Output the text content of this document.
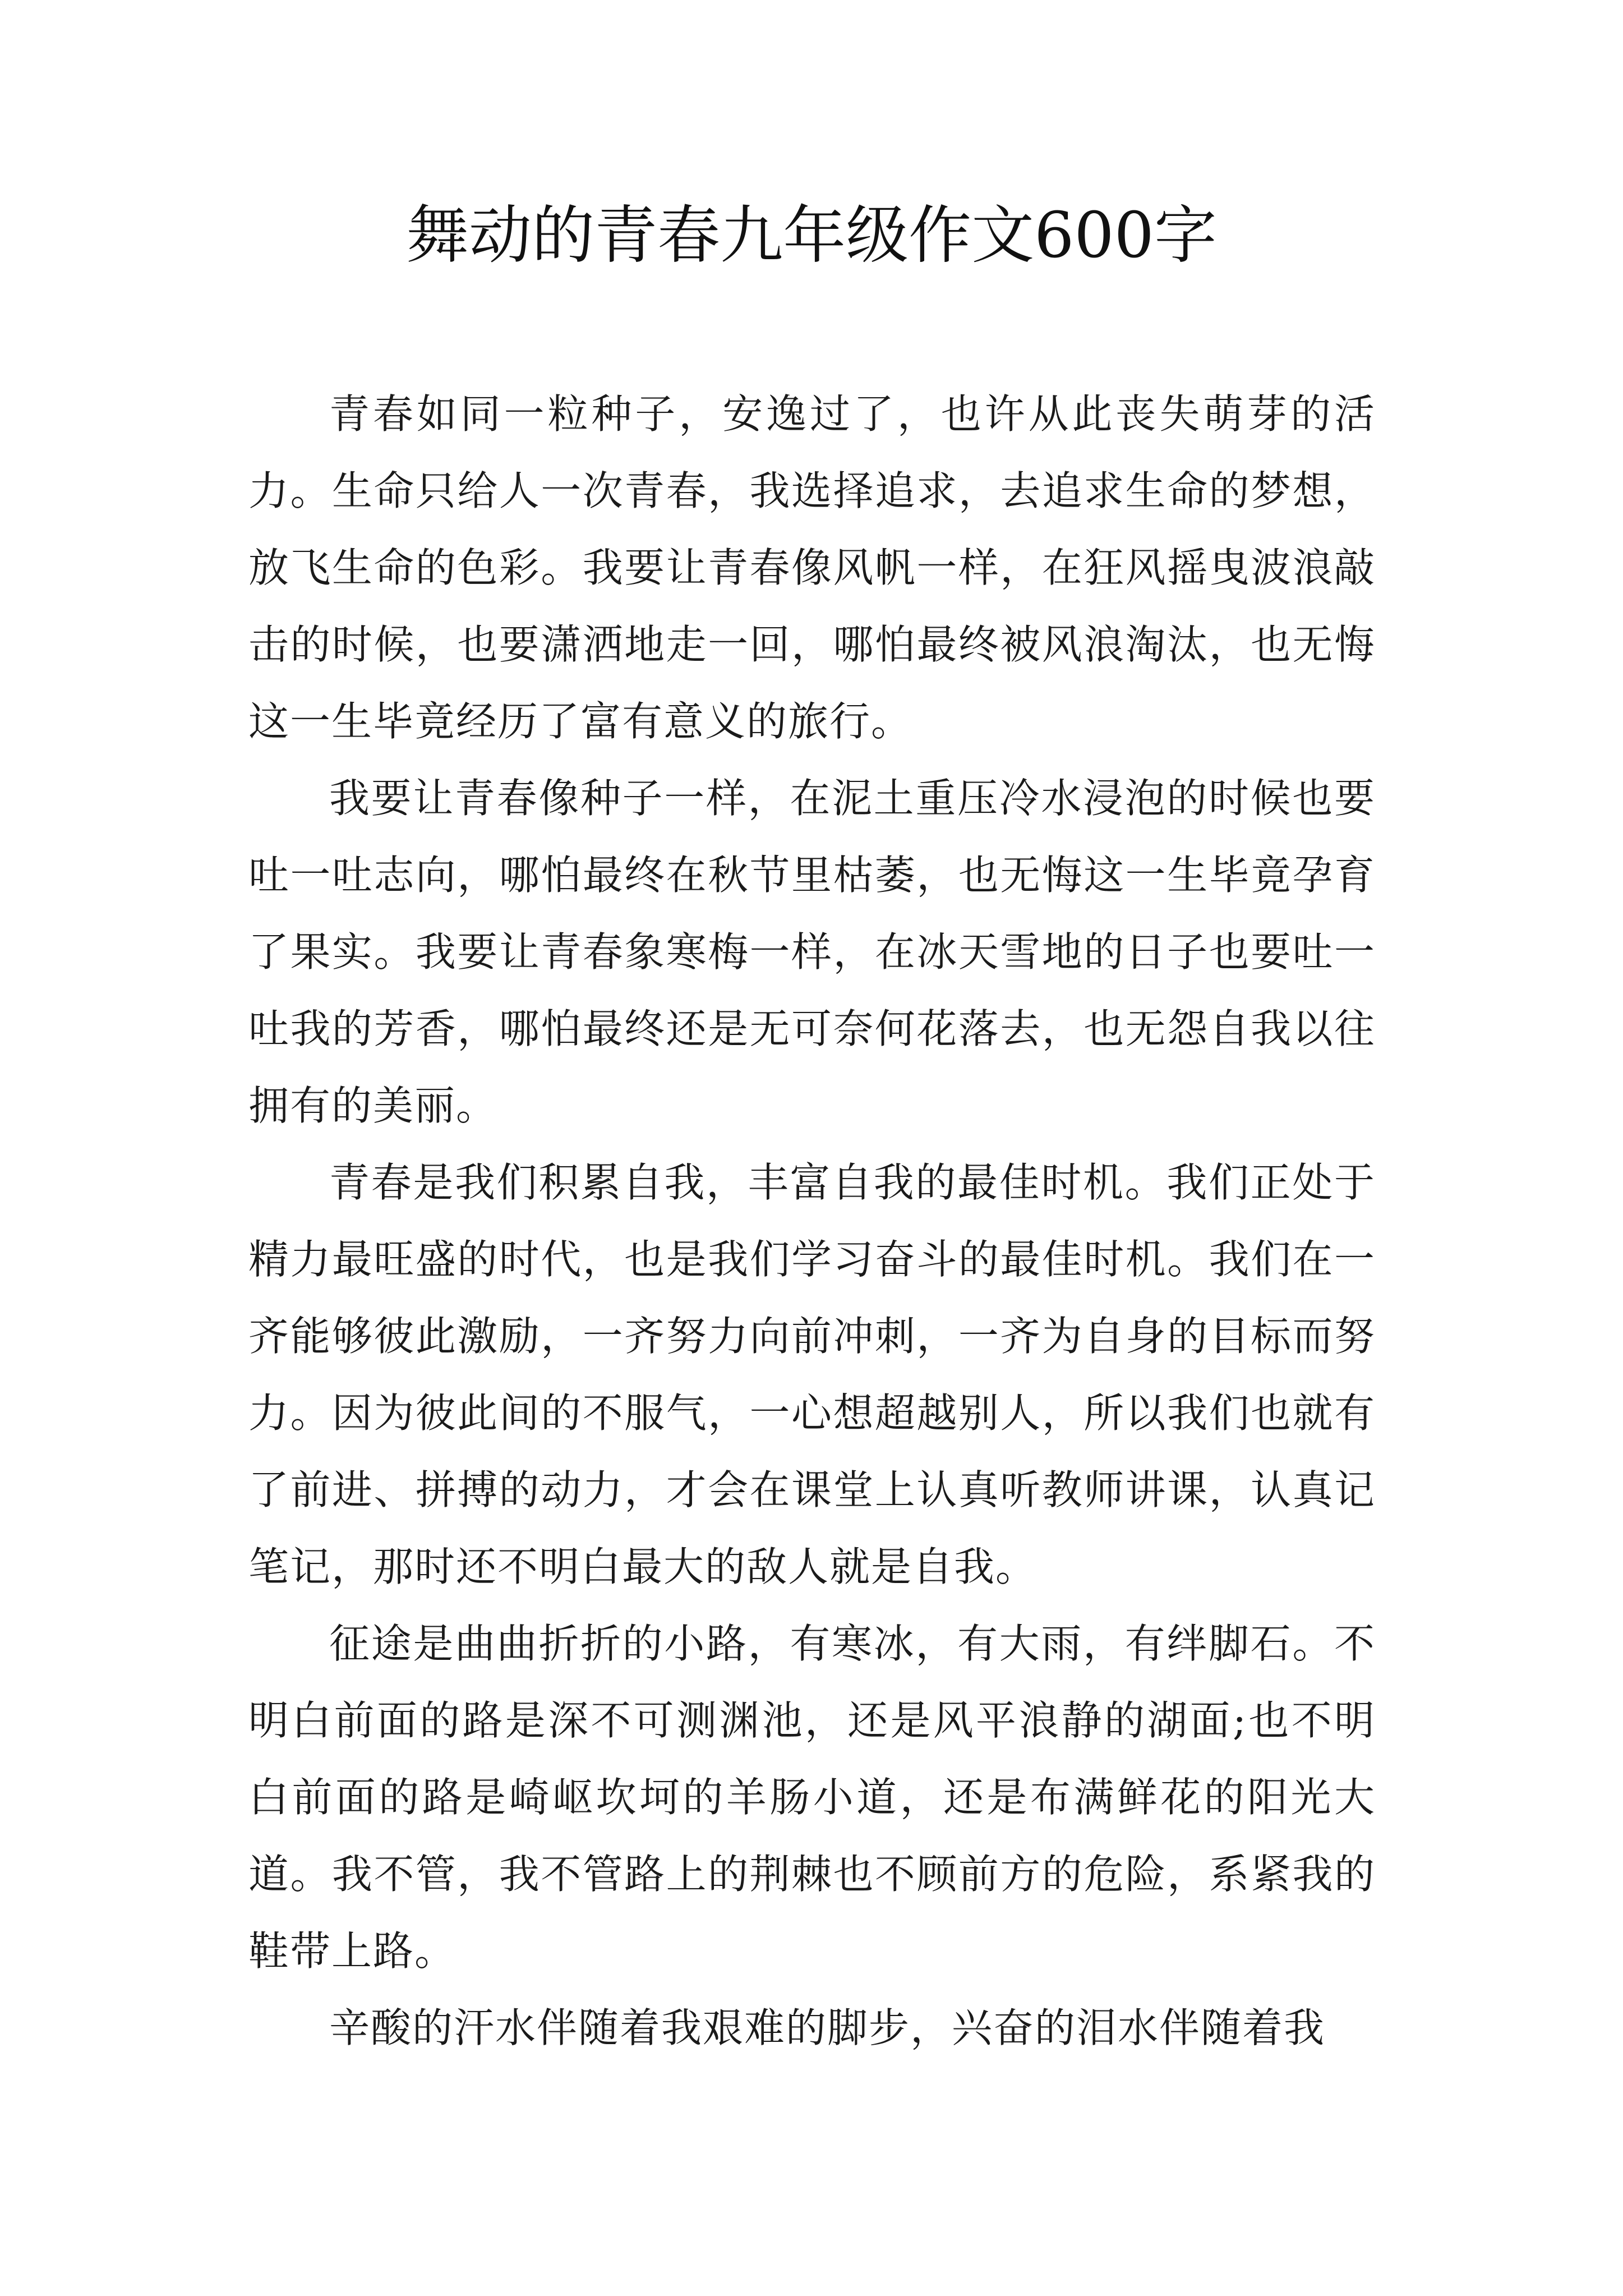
舞动的青春九年级作文600字

青春如同一粒种子，安逸过了，也许从此丧失萌芽的活力。生命只给人一次青春，我选择追求，去追求生命的梦想，放飞生命的色彩。我要让青春像风帆一样，在狂风摇曳波浪敲击的时候，也要潇洒地走一回，哪怕最终被风浪淘汰，也无悔这一生毕竟经历了富有意义的旅行。

我要让青春像种子一样，在泥土重压冷水浸泡的时候也要吐一吐志向，哪怕最终在秋节里枯萎，也无悔这一生毕竟孕育了果实。我要让青春象寒梅一样，在冰天雪地的日子也要吐一吐我的芳香，哪怕最终还是无可奈何花落去，也无怨自我以往拥有的美丽。

青春是我们积累自我，丰富自我的最佳时机。我们正处于精力最旺盛的时代，也是我们学习奋斗的最佳时机。我们在一齐能够彼此激励，一齐努力向前冲刺，一齐为自身的目标而努力。因为彼此间的不服气，一心想超越别人，所以我们也就有了前进、拼搏的动力，才会在课堂上认真听教师讲课，认真记笔记，那时还不明白最大的敌人就是自我。

征途是曲曲折折的小路，有寒冰，有大雨，有绊脚石。不明白前面的路是深不可测渊池，还是风平浪静的湖面;也不明白前面的路是崎岖坎坷的羊肠小道，还是布满鲜花的阳光大道。我不管，我不管路上的荆棘也不顾前方的危险，系紧我的鞋带上路。

辛酸的汗水伴随着我艰难的脚步，兴奋的泪水伴随着我
